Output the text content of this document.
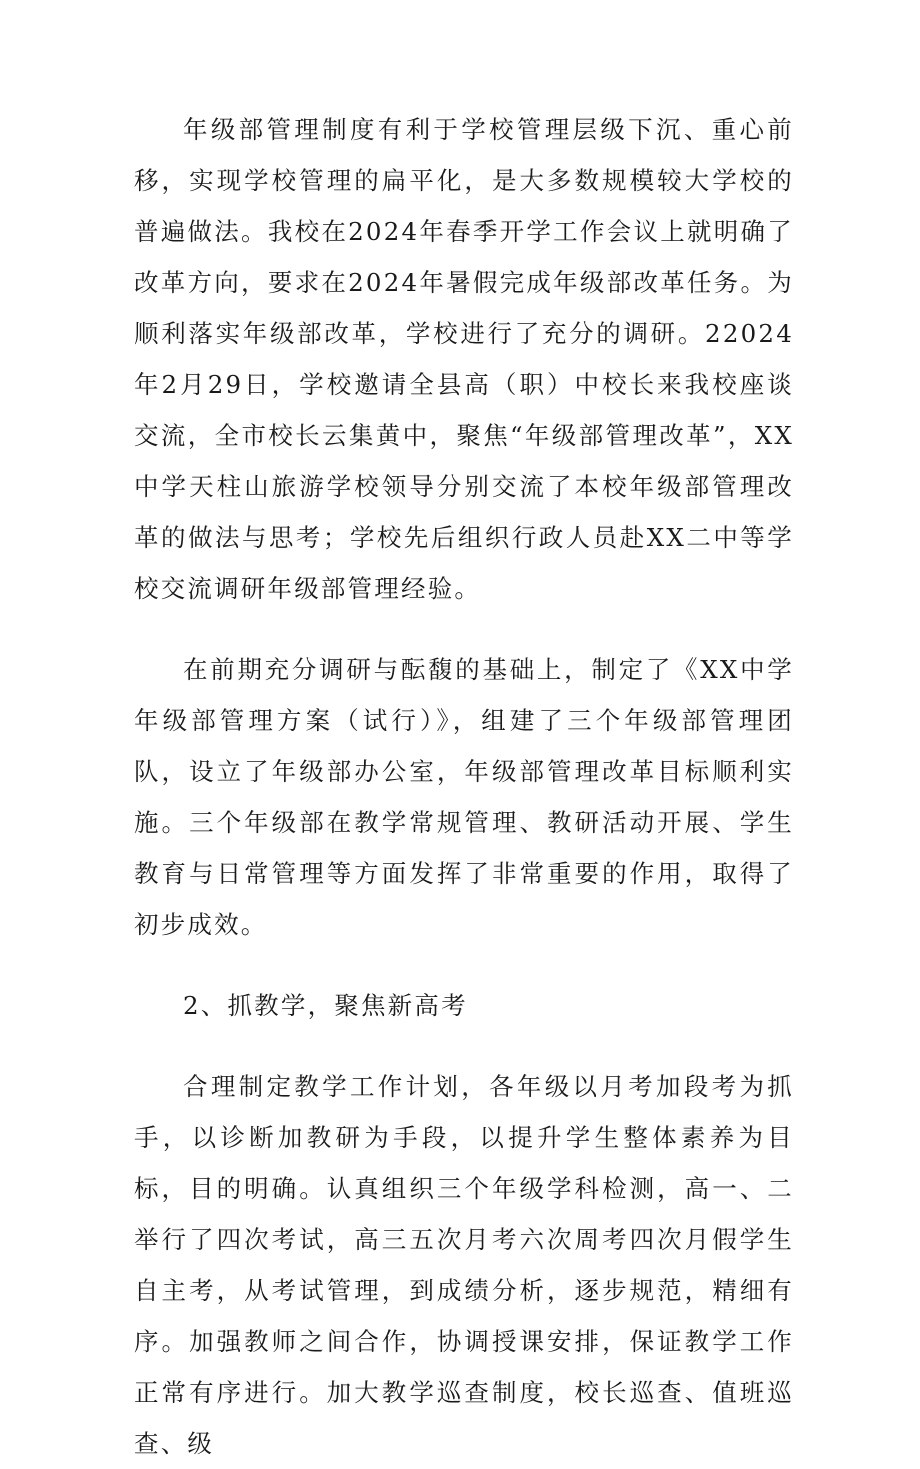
年级部管理制度有利于学校管理层级下沉、重心前移，实现学校管理的扁平化，是大多数规模较大学校的普遍做法。我校在2024年春季开学工作会议上就明确了改革方向，要求在2024年暑假完成年级部改革任务。为顺利落实年级部改革，学校进行了充分的调研。22024年2月29日，学校邀请全县高（职）中校长来我校座谈交流，全市校长云集黄中，聚焦“年级部管理改革”，XX中学天柱山旅游学校领导分别交流了本校年级部管理改革的做法与思考；学校先后组织行政人员赴XX二中等学校交流调研年级部管理经验。

在前期充分调研与酝馥的基础上，制定了《XX中学年级部管理方案（试行）》，组建了三个年级部管理团队，设立了年级部办公室，年级部管理改革目标顺利实施。三个年级部在教学常规管理、教研活动开展、学生教育与日常管理等方面发挥了非常重要的作用，取得了初步成效。

2、抓教学，聚焦新高考

合理制定教学工作计划，各年级以月考加段考为抓手，以诊断加教研为手段，以提升学生整体素养为目标，目的明确。认真组织三个年级学科检测，高一、二举行了四次考试，高三五次月考六次周考四次月假学生自主考，从考试管理，到成绩分析，逐步规范，精细有序。加强教师之间合作，协调授课安排，保证教学工作正常有序进行。加大教学巡查制度，校长巡查、值班巡查、级
